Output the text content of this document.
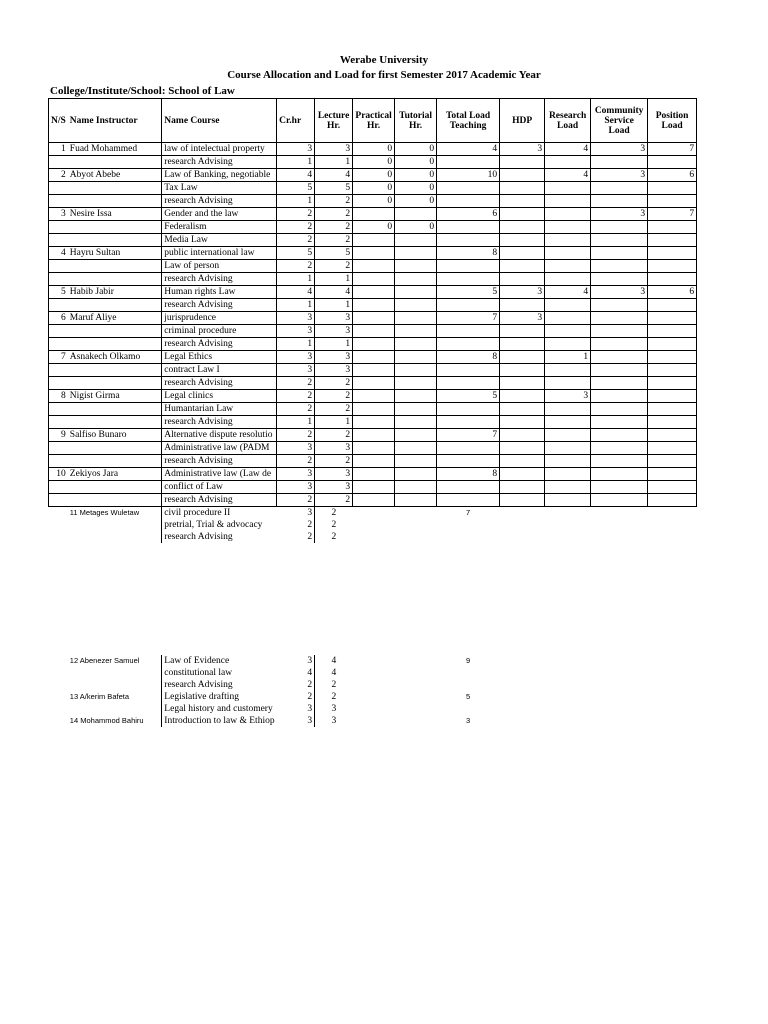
Werabe University
Course Allocation and Load for first Semester 2017 Academic Year
College/Institute/School: School of Law
N/S	Name Instructor	Name Course	Cr.hr	Lecture Hr.	Practical Hr.	Tutorial Hr.	Total Load Teaching	HDP	Research Load	Community Service Load	Position Load
1	Fuad Mohammed	law of intelectual property	3	3	0	0	4	3	4	3	7
		research Advising	1	1	0	0					
2	Abyot Abebe	Law of Banking, negotiable	4	4	0	0	10		4	3	6
		Tax Law	5	5	0	0					
		research Advising	1	2	0	0					
3	Nesire Issa	Gender and the law	2	2			6			3	7
		Federalism	2	2	0	0					
		Media Law	2	2							
4	Hayru Sultan	public international law	5	5			8				
		Law of person	2	2							
		research Advising	1	1							
5	Habib Jabir	Human rights Law	4	4			5	3	4	3	6
		research Advising	1	1							
6	Maruf Aliye	jurisprudence	3	3			7	3			
		criminal procedure	3	3							
		research Advising	1	1							
7	Asnakech Olkamo	Legal Ethics	3	3			8		1		
		contract Law I	3	3							
		research Advising	2	2							
8	Nigist Girma	Legal clinics	2	2			5		3		
		Humantarian Law	2	2							
		research Advising	1	1							
9	Salfiso Bunaro	Alternative dispute resolutio	2	2			7				
		Administrative law (PADM	3	3							
		research Advising	2	2							
10	Zekiyos Jara	Administrative law (Law de	3	3			8				
		conflict of Law	3	3							
		research Advising	2	2							
	11 Metages Wuletaw	civil procedure II	3	2			7				
		pretrial, Trial & advocacy	2	2							
		research Advising	2	2							

	12 Abenezer Samuel	Law of Evidence	3	4			9				
		constitutional law	4	4							
		research Advising	2	2							
	13 A/kerim Bafeta	Legislative drafting	2	2			5				
		Legal history and customery	3	3							
	14 Mohammod Bahiru	Introduction to law & Ethiop	3	3			3				
